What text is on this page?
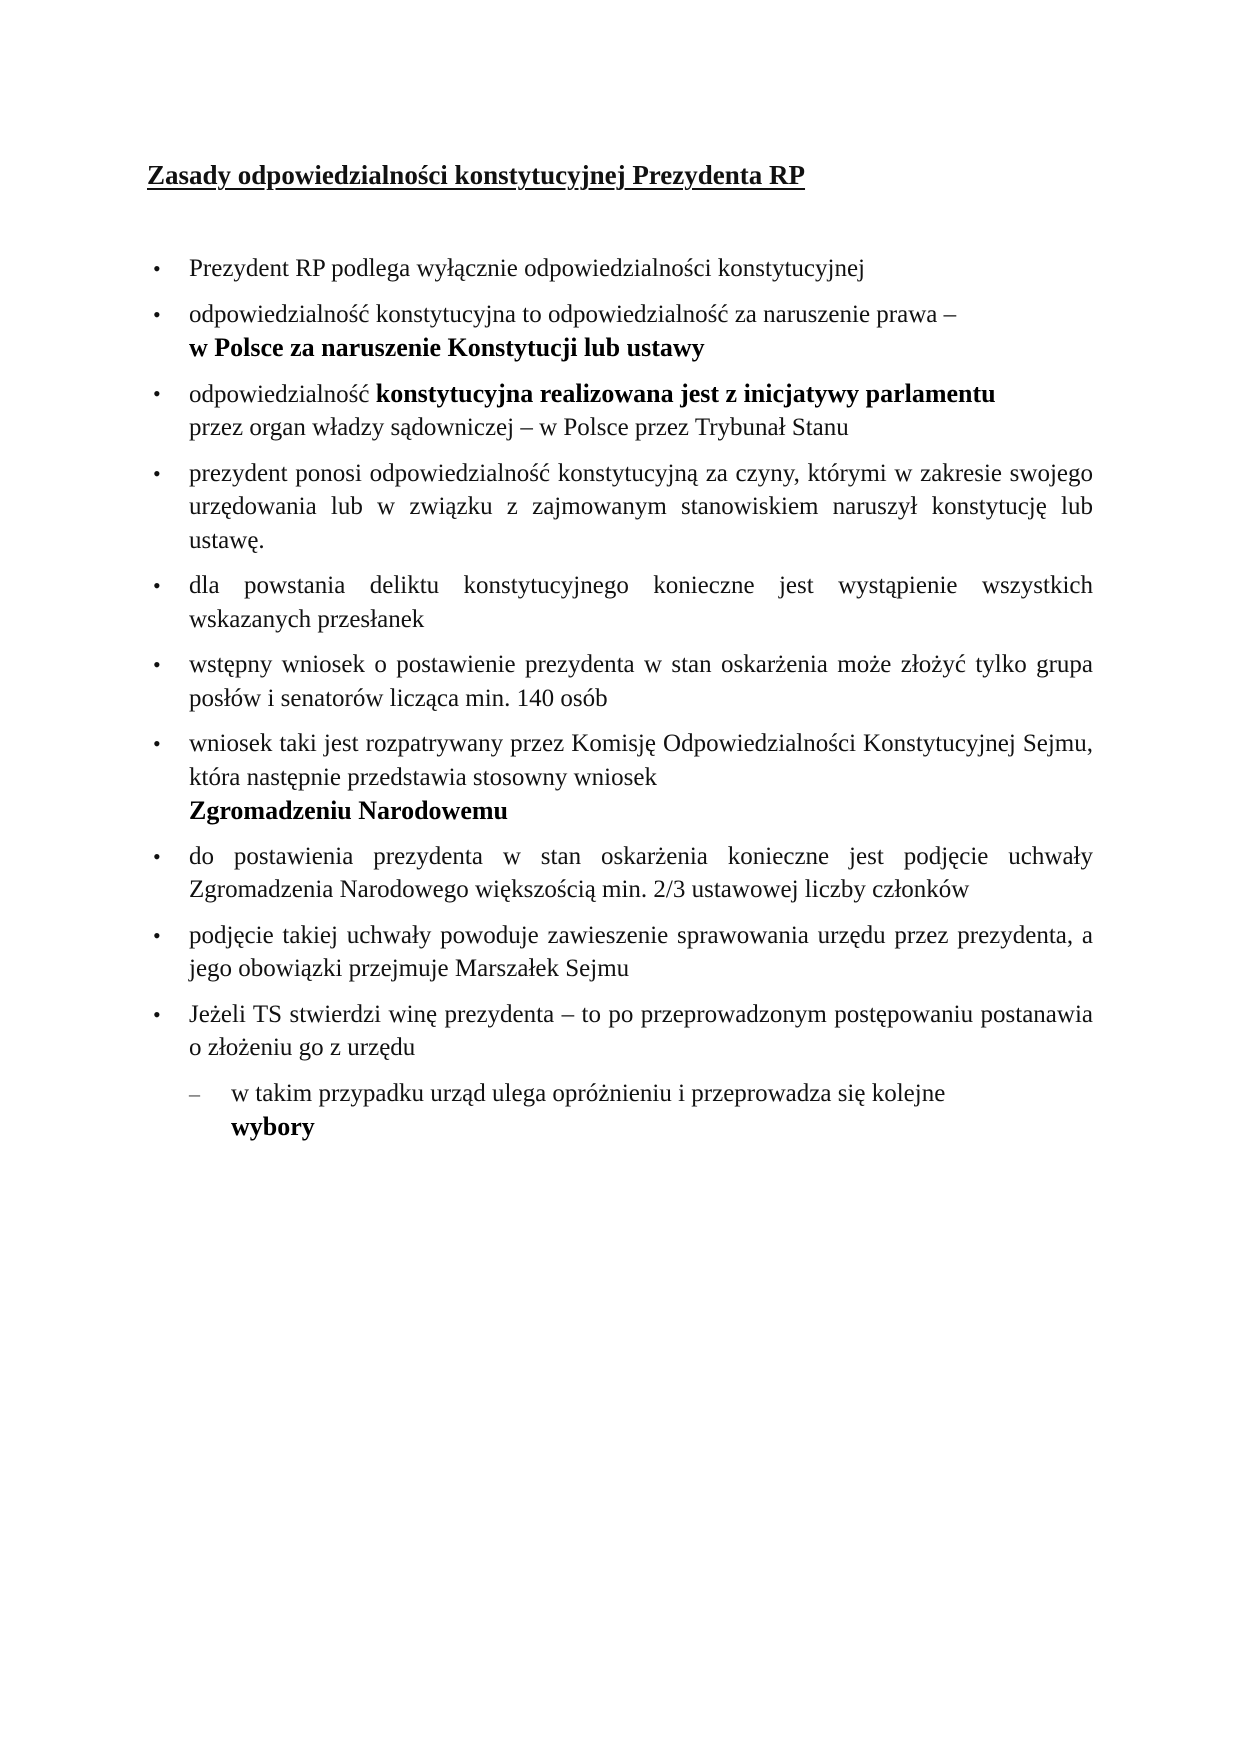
Zasady odpowiedzialności konstytucyjnej Prezydenta RP
• Prezydent RP podlega wyłącznie odpowiedzialności konstytucyjnej
• odpowiedzialność konstytucyjna to odpowiedzialność za naruszenie prawa –
w Polsce za naruszenie Konstytucji lub ustawy
• odpowiedzialność konstytucyjna realizowana jest z inicjatywy parlamentu
przez organ władzy sądowniczej – w Polsce przez Trybunał Stanu
• prezydent ponosi odpowiedzialność konstytucyjną za czyny, którymi w zakresie swojego urzędowania lub w związku z zajmowanym stanowiskiem naruszył konstytucję lub ustawę.
• dla powstania deliktu konstytucyjnego konieczne jest wystąpienie wszystkich wskazanych przesłanek
• wstępny wniosek o postawienie prezydenta w stan oskarżenia może złożyć tylko grupa posłów i senatorów licząca min. 140 osób
• wniosek taki jest rozpatrywany przez Komisję Odpowiedzialności Konstytucyjnej Sejmu, która następnie przedstawia stosowny wniosek
Zgromadzeniu Narodowemu
• do postawienia prezydenta w stan oskarżenia konieczne jest podjęcie uchwały Zgromadzenia Narodowego większością min. 2/3 ustawowej liczby członków
• podjęcie takiej uchwały powoduje zawieszenie sprawowania urzędu przez prezydenta, a jego obowiązki przejmuje Marszałek Sejmu
• Jeżeli TS stwierdzi winę prezydenta – to po przeprowadzonym postępowaniu postanawia o złożeniu go z urzędu
– w takim przypadku urząd ulega opróżnieniu i przeprowadza się kolejne
wybory
